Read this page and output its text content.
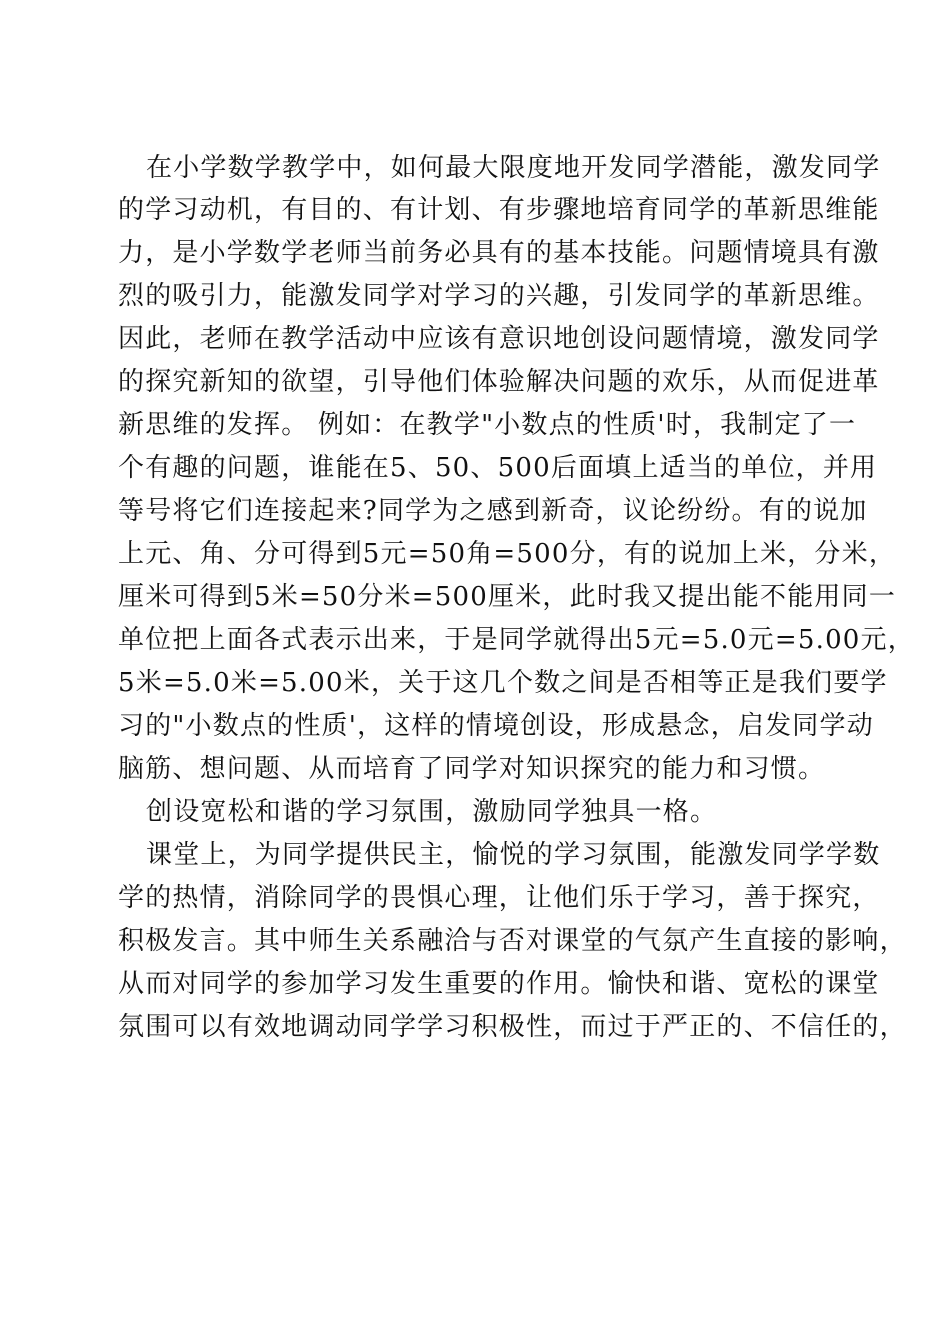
在小学数学教学中，如何最大限度地开发同学潜能，激发同学
的学习动机，有目的、有计划、有步骤地培育同学的革新思维能
力，是小学数学老师当前务必具有的基本技能。问题情境具有激
烈的吸引力，能激发同学对学习的兴趣，引发同学的革新思维。
因此，老师在教学活动中应该有意识地创设问题情境，激发同学
的探究新知的欲望，引导他们体验解决问题的欢乐，从而促进革
新思维的发挥。 例如：在教学"小数点的性质'时，我制定了一
个有趣的问题，谁能在5、50、500后面填上适当的单位，并用
等号将它们连接起来?同学为之感到新奇，议论纷纷。有的说加
上元、角、分可得到5元=50角=500分，有的说加上米，分米，
厘米可得到5米=50分米=500厘米，此时我又提出能不能用同一
单位把上面各式表示出来，于是同学就得出5元=5.0元=5.00元，
5米=5.0米=5.00米，关于这几个数之间是否相等正是我们要学
习的"小数点的性质'，这样的情境创设，形成悬念，启发同学动
脑筋、想问题、从而培育了同学对知识探究的能力和习惯。
创设宽松和谐的学习氛围，激励同学独具一格。
课堂上，为同学提供民主，愉悦的学习氛围，能激发同学学数
学的热情，消除同学的畏惧心理，让他们乐于学习，善于探究，
积极发言。其中师生关系融洽与否对课堂的气氛产生直接的影响，
从而对同学的参加学习发生重要的作用。愉快和谐、宽松的课堂
氛围可以有效地调动同学学习积极性，而过于严正的、不信任的，
